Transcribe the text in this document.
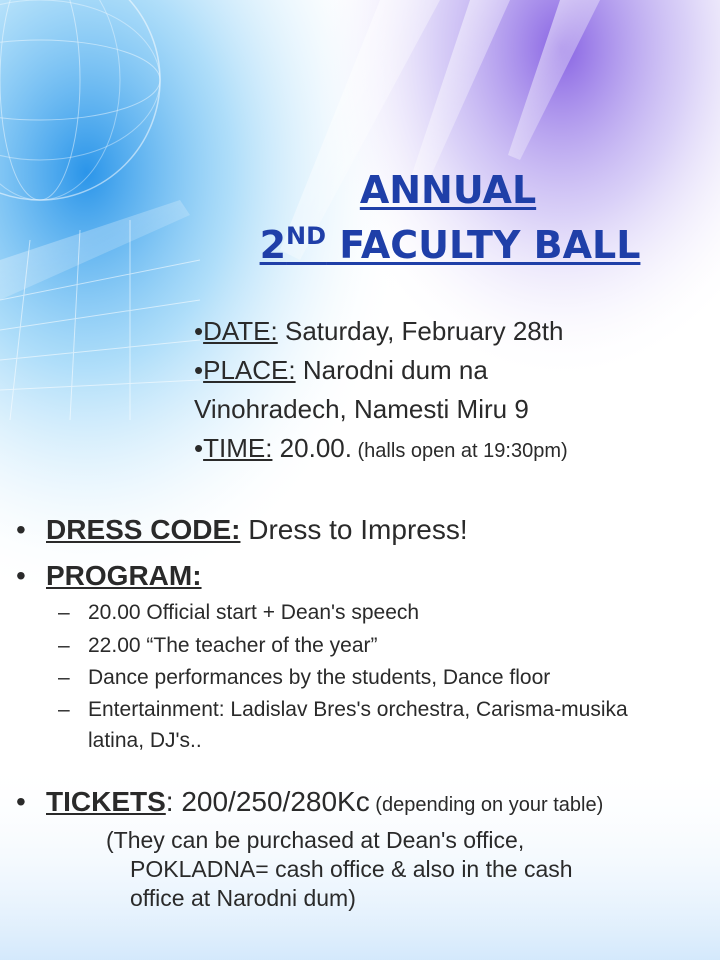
ANNUAL
2ND FACULTY BALL
•DATE: Saturday, February 28th
•PLACE: Narodni dum na
Vinohradech, Namesti Miru 9
•TIME: 20.00. (halls open at 19:30pm)
• DRESS CODE: Dress to Impress!
• PROGRAM:
– 20.00 Official start + Dean's speech
– 22.00 “The teacher of the year”
– Dance performances by the students, Dance floor
– Entertainment: Ladislav Bres's orchestra, Carisma-musika latina, DJ's..
• TICKETS: 200/250/280Kc (depending on your table)
(They can be purchased at Dean's office,
POKLADNA= cash office & also in the cash
office at Narodni dum)
